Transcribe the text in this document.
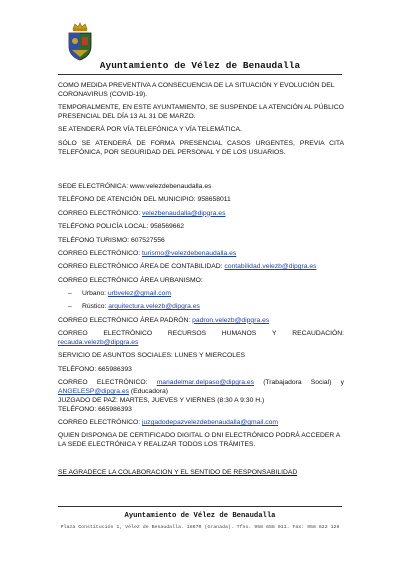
Ayuntamiento de Vélez de Benaudalla

COMO MEDIDA PREVENTIVA A CONSECUENCIA DE LA SITUACIÓN Y EVOLUCIÓN DEL CORONAVIRUS (COVID-19).

TEMPORALMENTE, EN ESTE AYUNTAMIENTO, SE SUSPENDE LA ATENCIÓN AL PÚBLICO PRESENCIAL DEL DÍA 13 AL 31 DE MARZO.

SE ATENDERÁ POR VÍA TELEFÓNICA Y VÍA TELEMÁTICA.

SÓLO SE ATENDERÁ DE FORMA PRESENCIAL CASOS URGENTES, PREVIA CITA TELEFÓNICA, POR SEGURIDAD DEL PERSONAL Y DE LOS USUARIOS.

SEDE ELECTRÓNICA: www.velezdebenaudalla.es

TELÉFONO DE ATENCIÓN DEL MUNICIPIO: 958658011

CORREO ELECTRÓNICO: velezbenaudalla@dipgra.es

TELÉFONO POLICÍA LOCAL: 958569662

TELÉFONO TURISMO: 607527556

CORREO ELECTRÓNICO: turismo@velezdebenaudalla.es

CORREO ELECTRÓNICO ÁREA DE CONTABILIDAD: contabilidad.velezb@dipgra.es

CORREO ELECTRÓNICO ÁREA URBANISMO:

– Urbano: urbvelez@gmail.com
– Rústico: arquitectura.velezb@dipgra.es

CORREO ELECTRÓNICO ÁREA PADRÓN: padron.velezb@dipgra.es

CORREO ELECTRÓNICO RECURSOS HUMANOS Y RECAUDACIÓN:

recauda.velezb@dipgra.es

SERVICIO DE ASUNTOS SOCIALES: LUNES Y MIERCOLES

TELÉFONO: 665986393

CORREO ELECTRÓNICO: mariadelmar.delpaso@dipgra.es (Trabajadora Social) y ANGELESP@dipgra.es (Educadora)

JUZGADO DE PAZ: MARTES, JUEVES Y VIERNES (8:30 A 9:30 H.)

TELÉFONO: 665986393

CORREO ELECTRÓNICO: juzgadodepazvelezdebenaudalla@gmail.com

QUIEN DISPONGA DE CERTIFICADO DIGITAL O DNI ELECTRÓNICO PODRÁ ACCEDER A LA SEDE ELECTRÓNICA Y REALIZAR TODOS LOS TRÁMITES.

SE AGRADECE LA COLABORACION Y EL SENTIDO DE RESPONSABILIDAD

Ayuntamiento de Vélez de Benaudalla
Plaza Constitución 1, Vélez de Benaudalla. 18670 (Granada). Tfno. 958 658 011. Fax: 958 622 126
